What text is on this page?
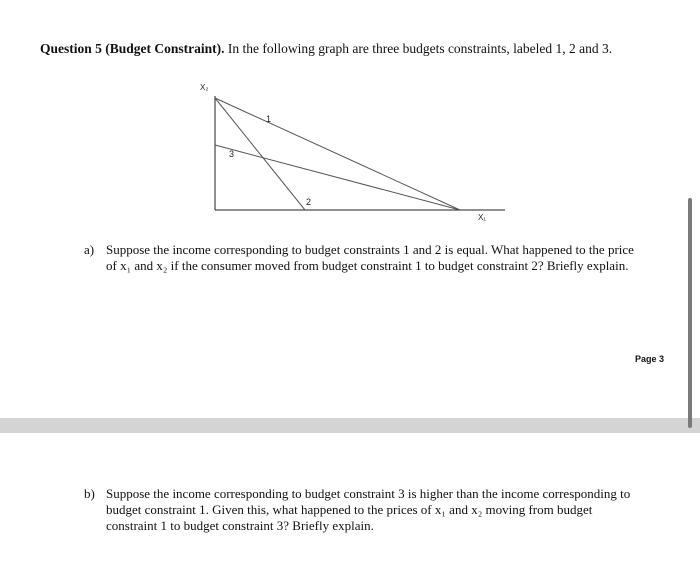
Question 5 (Budget Constraint). In the following graph are three budgets constraints, labeled 1, 2 and 3.
X₂
X₁
1
2
3
a) Suppose the income corresponding to budget constraints 1 and 2 is equal. What happened to the price
of x₁ and x₂ if the consumer moved from budget constraint 1 to budget constraint 2? Briefly explain.
Page 3
b) Suppose the income corresponding to budget constraint 3 is higher than the income corresponding to
budget constraint 1. Given this, what happened to the prices of x₁ and x₂ moving from budget
constraint 1 to budget constraint 3? Briefly explain.
